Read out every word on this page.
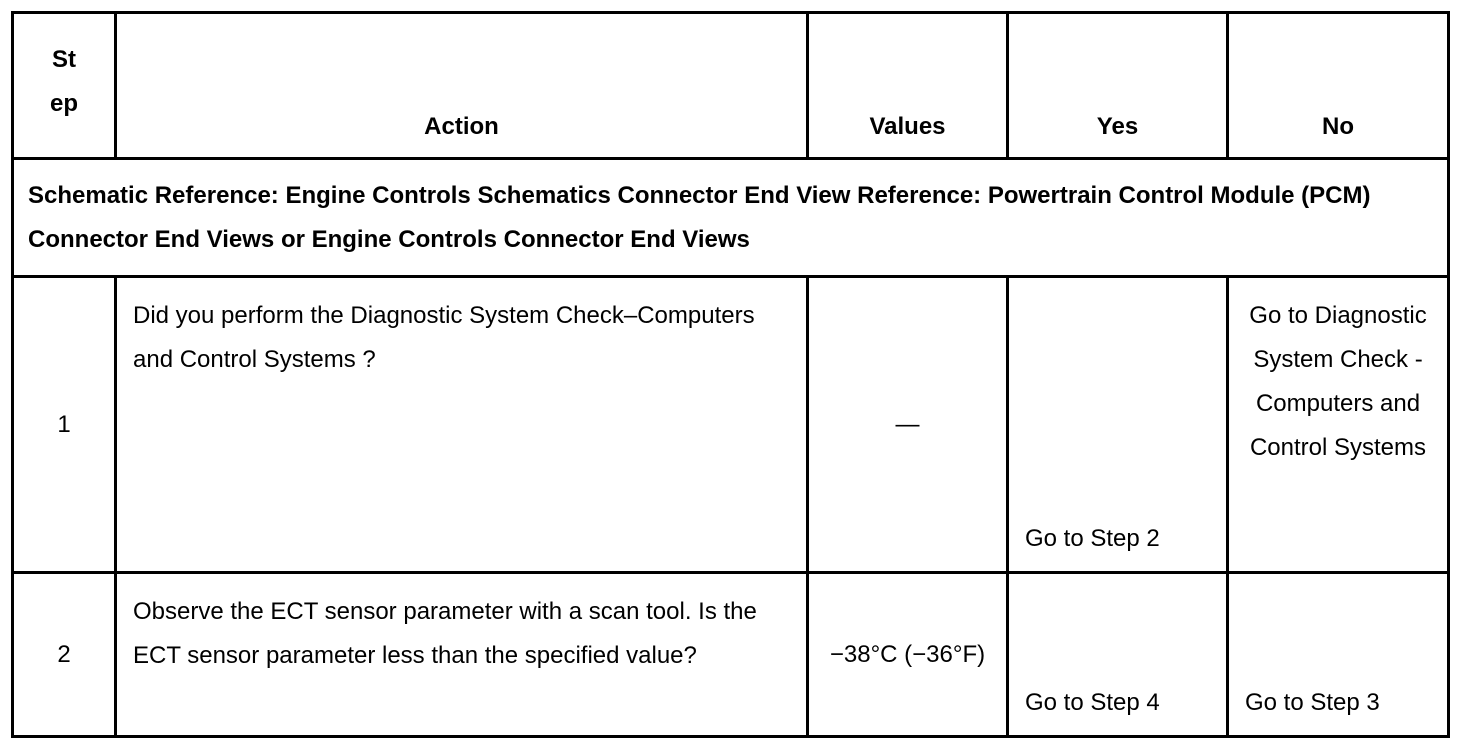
St
ep	Action	Values	Yes	No
Schematic Reference: Engine Controls Schematics Connector End View Reference: Powertrain Control Module (PCM) Connector End Views or Engine Controls Connector End Views				
1	Did you perform the Diagnostic System Check–Computers and Control Systems ?	—	Go to Step 2	Go to Diagnostic System Check - Computers and Control Systems
2	Observe the ECT sensor parameter with a scan tool. Is the ECT sensor parameter less than the specified value?	−38°C (−36°F)	Go to Step 4	Go to Step 3
